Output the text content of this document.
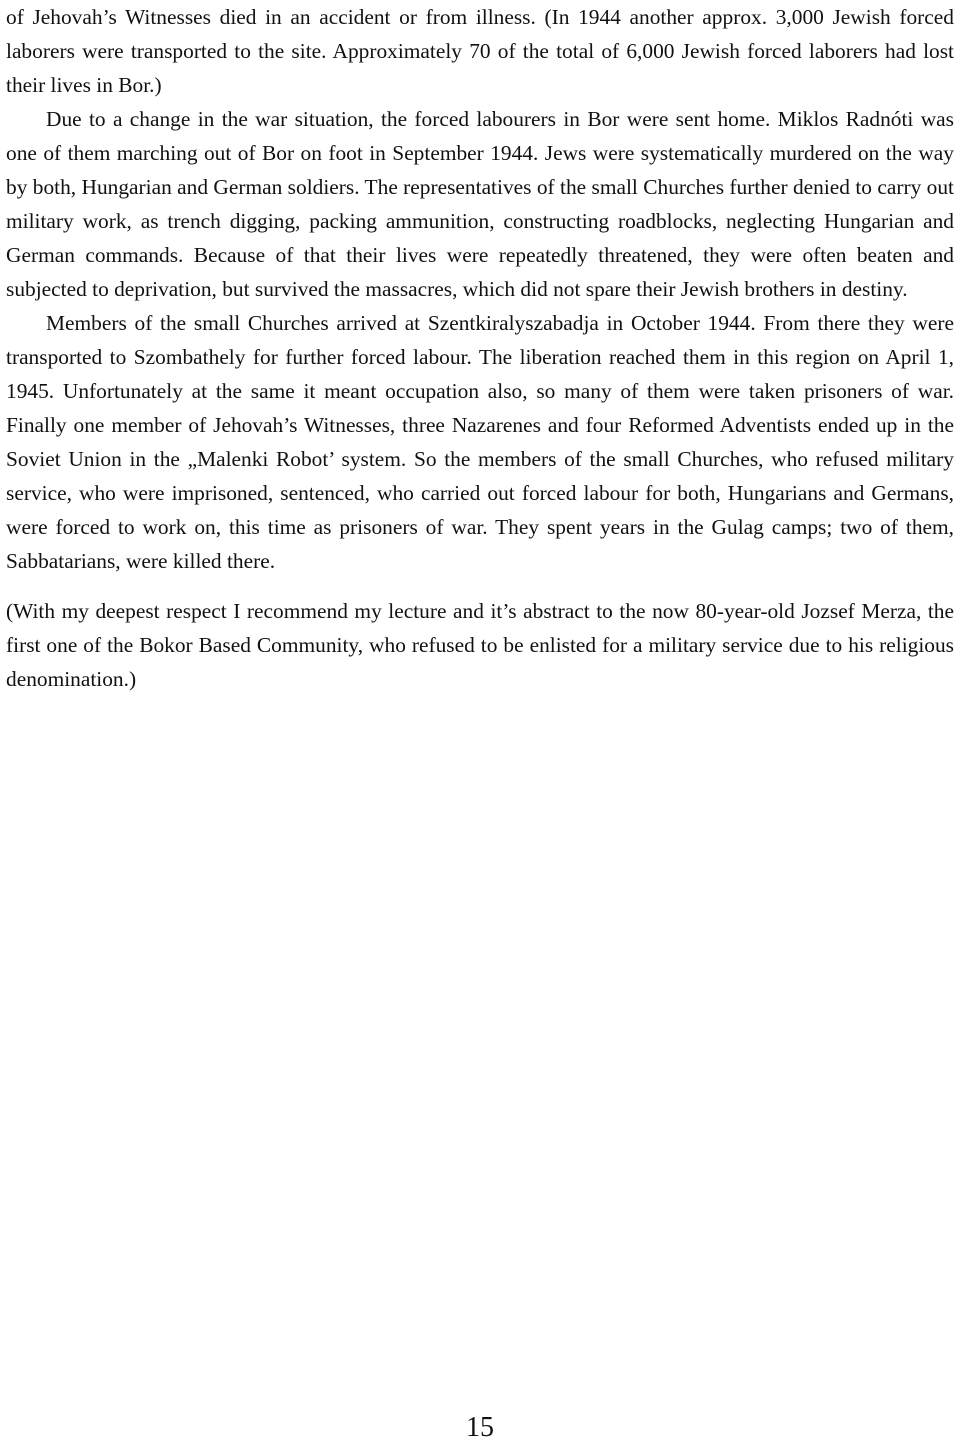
of Jehovah’s Witnesses died in an accident or from illness. (In 1944 another approx. 3,000 Jewish forced laborers were transported to the site. Approximately 70 of the total of 6,000 Jewish forced laborers had lost their lives in Bor.)

Due to a change in the war situation, the forced labourers in Bor were sent home. Miklos Radnóti was one of them marching out of Bor on foot in September 1944. Jews were systematically murdered on the way by both, Hungarian and German soldiers. The representatives of the small Churches further denied to carry out military work, as trench digging, packing ammunition, constructing roadblocks, neglecting Hungarian and German commands. Because of that their lives were repeatedly threatened, they were often beaten and subjected to deprivation, but survived the massacres, which did not spare their Jewish brothers in destiny.

Members of the small Churches arrived at Szentkiralyszabadja in October 1944. From there they were transported to Szombathely for further forced labour. The liberation reached them in this region on April 1, 1945. Unfortunately at the same it meant occupation also, so many of them were taken prisoners of war. Finally one member of Jehovah’s Witnesses, three Nazarenes and four Reformed Adventists ended up in the Soviet Union in the „Malenki Robot’ system. So the members of the small Churches, who refused military service, who were imprisoned, sentenced, who carried out forced labour for both, Hungarians and Germans, were forced to work on, this time as prisoners of war. They spent years in the Gulag camps; two of them, Sabbatarians, were killed there.

(With my deepest respect I recommend my lecture and it’s abstract to the now 80-year-old Jozsef Merza, the first one of the Bokor Based Community, who refused to be enlisted for a military service due to his religious denomination.)

15
